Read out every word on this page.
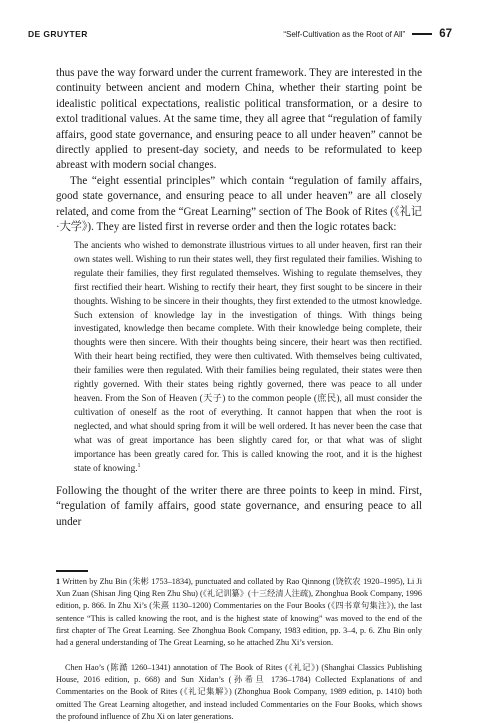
DE GRUYTER	“Self-Cultivation as the Root of All”	67

thus pave the way forward under the current framework. They are interested in the continuity between ancient and modern China, whether their starting point be idealistic political expectations, realistic political transformation, or a desire to extol traditional values. At the same time, they all agree that “regulation of family affairs, good state governance, and ensuring peace to all under heaven” cannot be directly applied to present-day society, and needs to be reformulated to keep abreast with modern social changes.

The “eight essential principles” which contain “regulation of family affairs, good state governance, and ensuring peace to all under heaven” are all closely related, and come from the “Great Learning” section of The Book of Rites (《礼记·大学》). They are listed first in reverse order and then the logic rotates back:

The ancients who wished to demonstrate illustrious virtues to all under heaven, first ran their own states well. Wishing to run their states well, they first regulated their families. Wishing to regulate their families, they first regulated themselves. Wishing to regulate themselves, they first rectified their heart. Wishing to rectify their heart, they first sought to be sincere in their thoughts. Wishing to be sincere in their thoughts, they first extended to the utmost knowledge. Such extension of knowledge lay in the investigation of things. With things being investigated, knowledge then became complete. With their knowledge being complete, their thoughts were then sincere. With their thoughts being sincere, their heart was then rectified. With their heart being rectified, they were then cultivated. With themselves being cultivated, their families were then regulated. With their families being regulated, their states were then rightly governed. With their states being rightly governed, there was peace to all under heaven. From the Son of Heaven (天子) to the common people (庶民), all must consider the cultivation of oneself as the root of everything. It cannot happen that when the root is neglected, and what should spring from it will be well ordered. It has never been the case that what was of great importance has been slightly cared for, or that what was of slight importance has been greatly cared for. This is called knowing the root, and it is the highest state of knowing.$^1$

Following the thought of the writer there are three points to keep in mind. First, “regulation of family affairs, good state governance, and ensuring peace to all under

1 Written by Zhu Bin (朱彬 1753–1834), punctuated and collated by Rao Qinnong (饶钦农 1920–1995), Li Ji Xun Zuan (Shisan Jing Qing Ren Zhu Shu) (《礼记训纂》(十三经清人注疏), Zhonghua Book Company, 1996 edition, p. 866. In Zhu Xi’s (朱熹 1130–1200) Commentaries on the Four Books (《四书章句集注》), the last sentence “This is called knowing the root, and is the highest state of knowing” was moved to the end of the first chapter of The Great Learning. See Zhonghua Book Company, 1983 edition, pp. 3–4, p. 6. Zhu Bin only had a general understanding of The Great Learning, so he attached Zhu Xi’s version.

Chen Hao’s (陈澔 1260–1341) annotation of The Book of Rites (《礼记》) (Shanghai Classics Publishing House, 2016 edition, p. 668) and Sun Xidan’s (孙希旦 1736–1784) Collected Explanations of and Commentaries on the Book of Rites (《礼记集解》) (Zhonghua Book Company, 1989 edition, p. 1410) both omitted The Great Learning altogether, and instead included Commentaries on the Four Books, which shows the profound influence of Zhu Xi on later generations.
